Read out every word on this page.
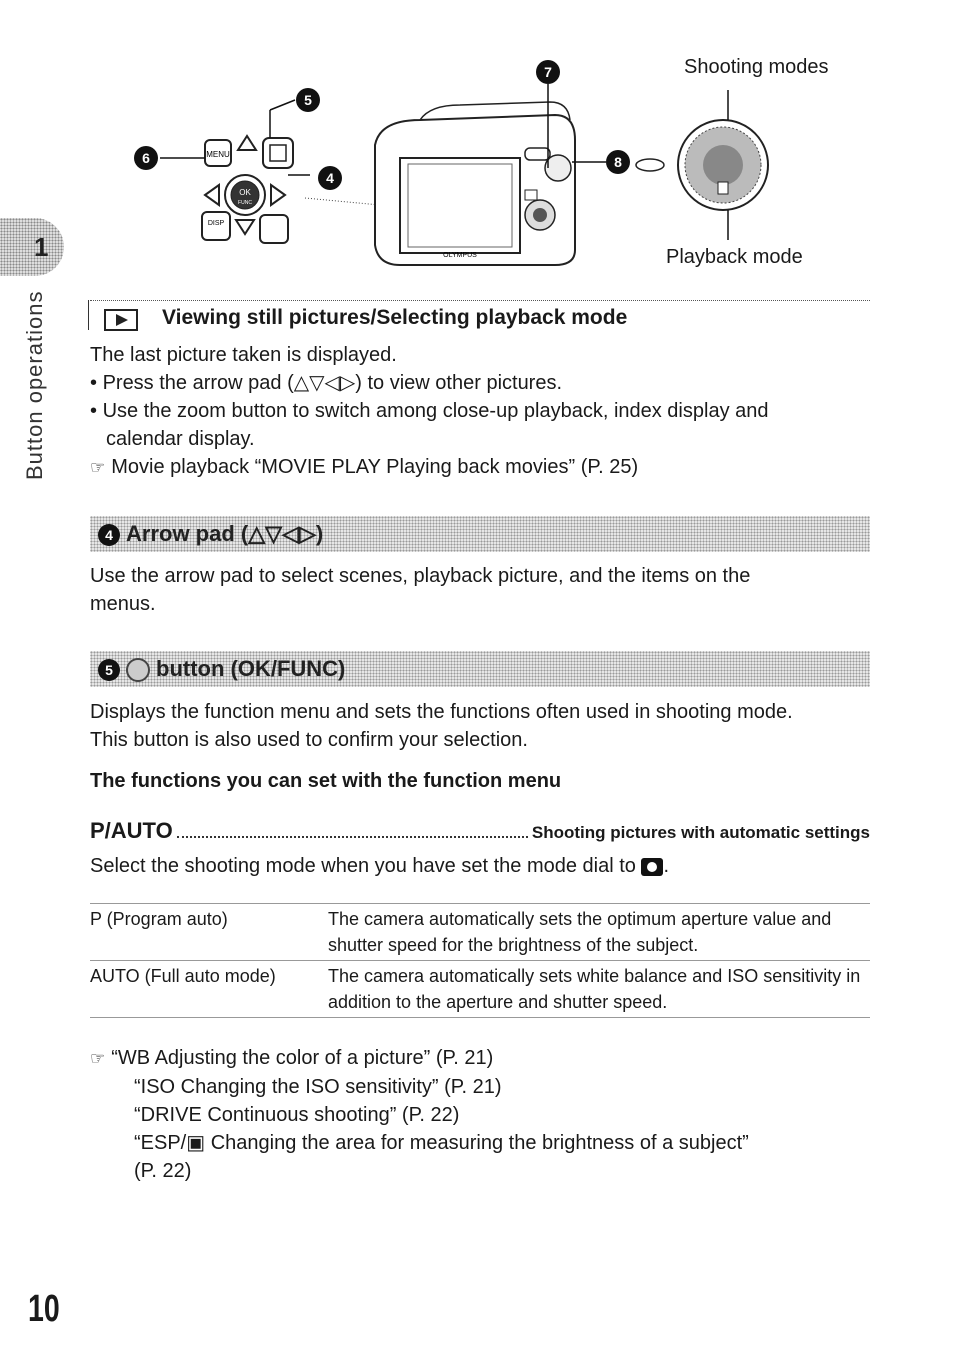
1
Button operations
MENU
OK
FUNC
DISP
6
5
4
7
8
OLYMPUS
Shooting modes
Playback mode
Viewing still pictures/Selecting playback mode
The last picture taken is displayed.
• Press the arrow pad (△▽◁▷) to view other pictures.
• Use the zoom button to switch among close-up playback, index display and
calendar display.
☞ Movie playback “MOVIE PLAY Playing back movies” (P. 25)
4 Arrow pad (△▽◁▷)
Use the arrow pad to select scenes, playback picture, and the items on the
menus.
5 button (OK/FUNC)
Displays the function menu and sets the functions often used in shooting mode.
This button is also used to confirm your selection.
The functions you can set with the function menu
P/AUTO	Shooting pictures with automatic settings
Select the shooting mode when you have set the mode dial to .
P (Program auto)	The camera automatically sets the optimum aperture value and shutter speed for the brightness of the subject.
AUTO (Full auto mode)	The camera automatically sets white balance and ISO sensitivity in addition to the aperture and shutter speed.
☞ “WB Adjusting the color of a picture” (P. 21)
“ISO Changing the ISO sensitivity” (P. 21)
“DRIVE Continuous shooting” (P. 22)
“ESP/▣ Changing the area for measuring the brightness of a subject”
(P. 22)
10
